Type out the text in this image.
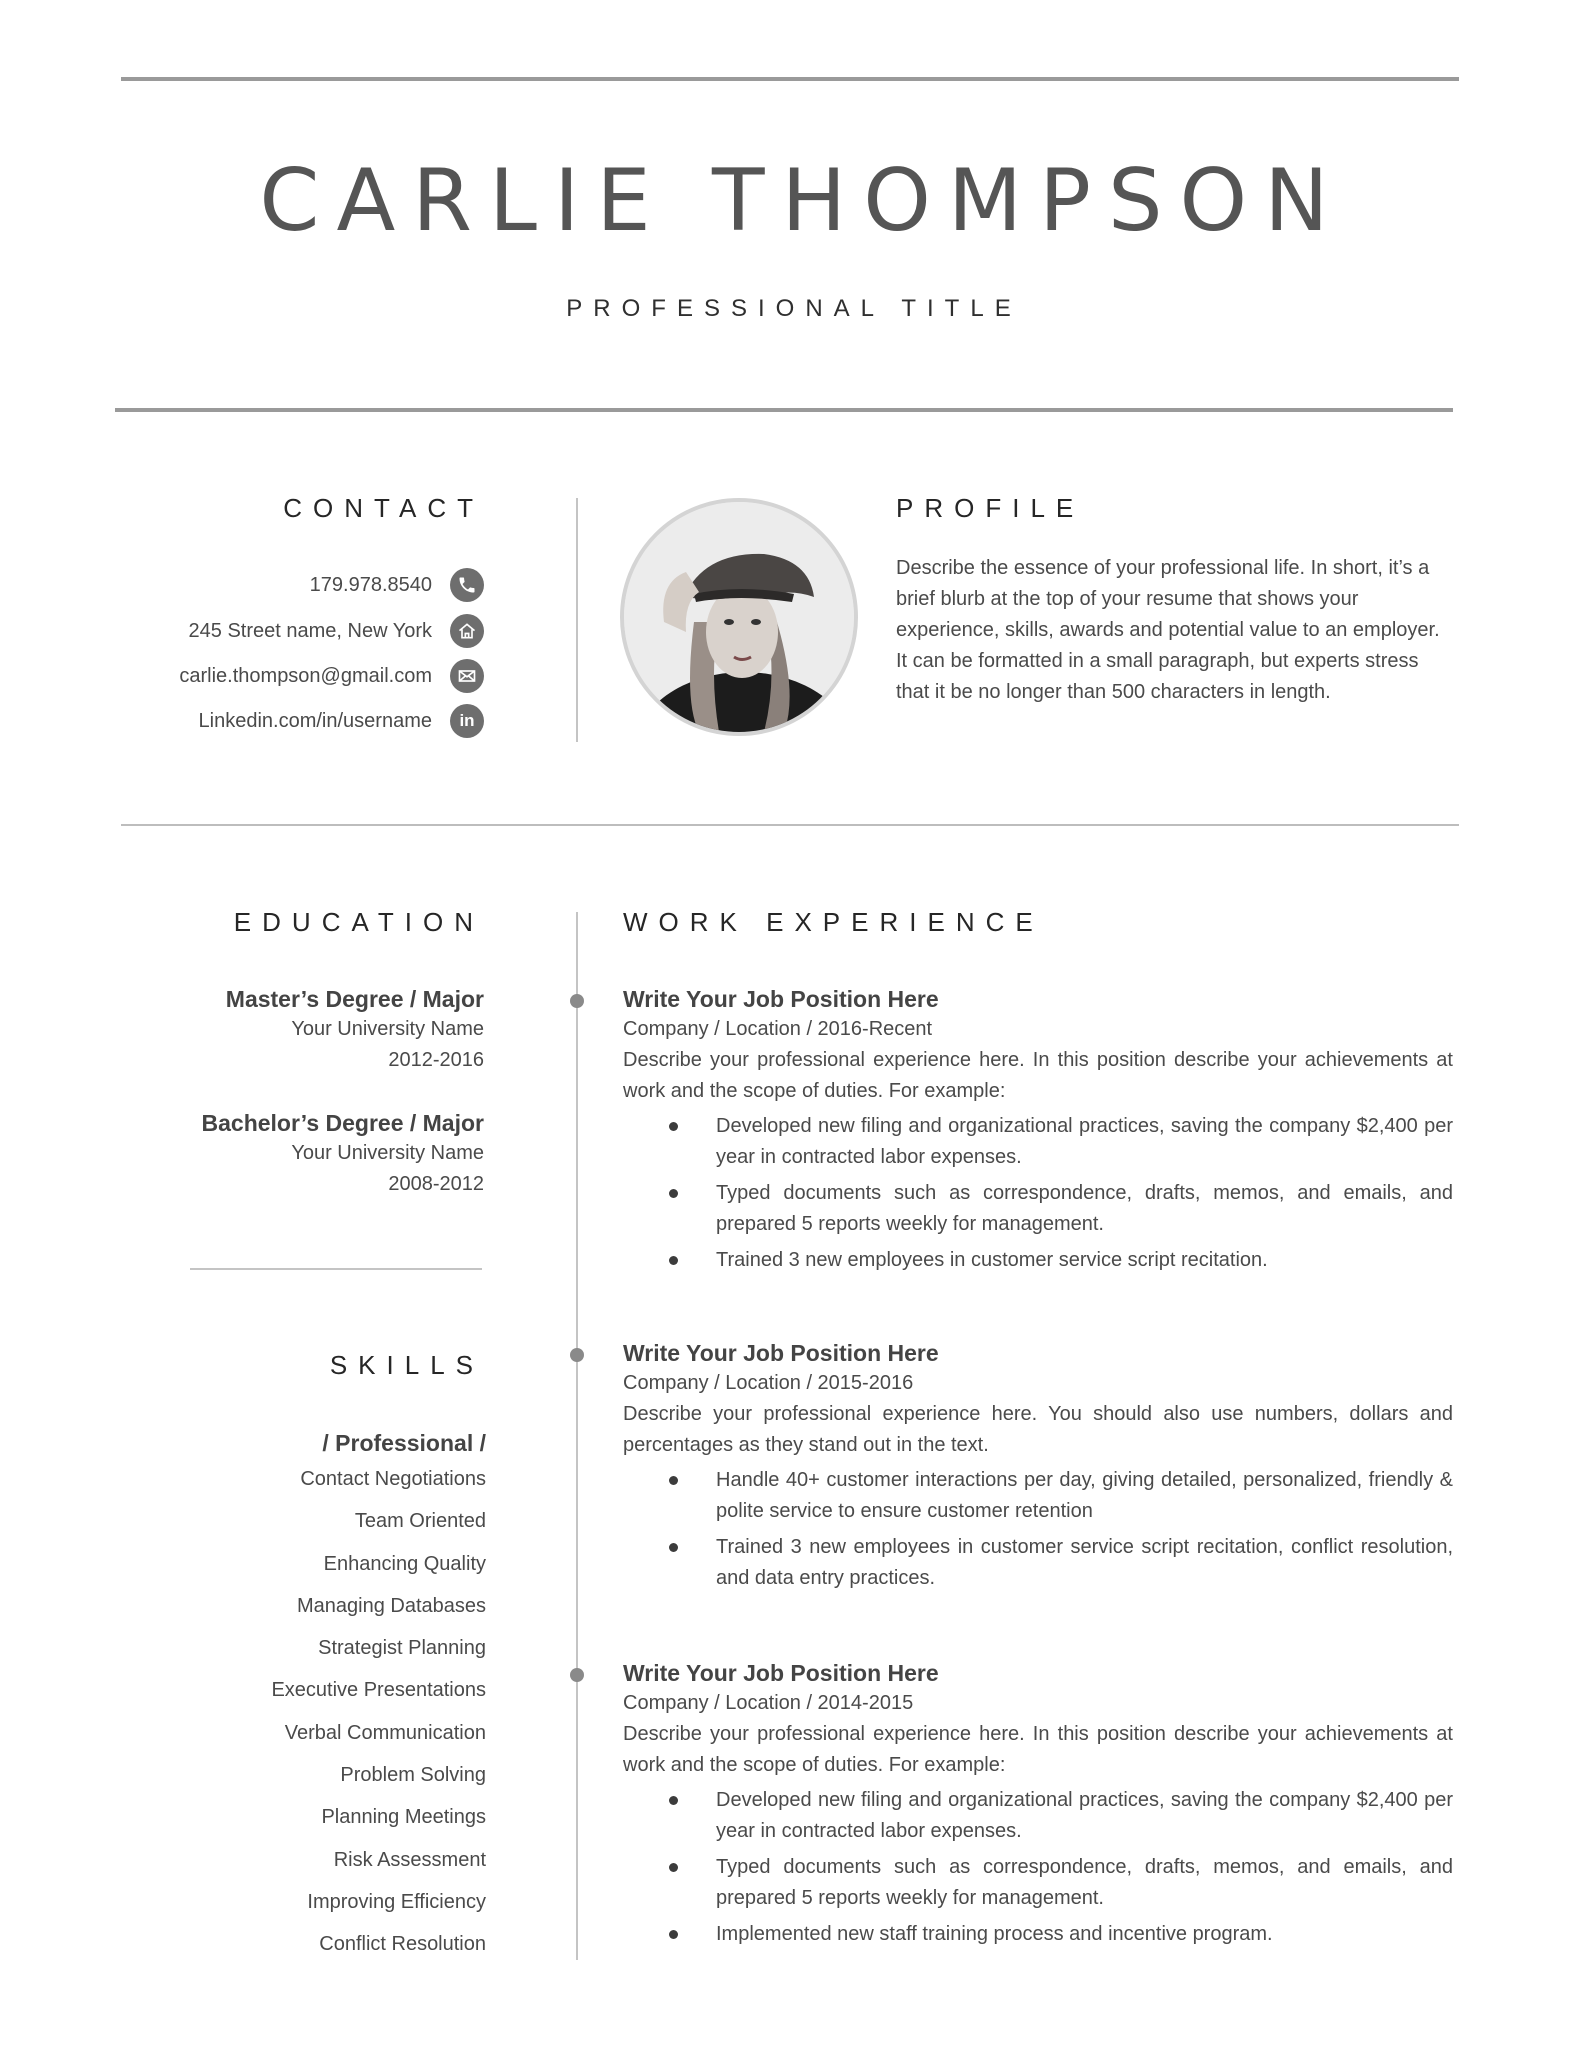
CARLIE THOMPSON
PROFESSIONAL TITLE
CONTACT
179.978.8540
245 Street name, New York
carlie.thompson@gmail.com
Linkedin.com/in/username	in
PROFILE
Describe the essence of your professional life. In short, it’s a brief blurb at the top of your resume that shows your experience, skills, awards and potential value to an employer. It can be formatted in a small paragraph, but experts stress that it be no longer than 500 characters in length.
EDUCATION
Master’s Degree / Major
Your University Name
2012-2016
Bachelor’s Degree / Major
Your University Name
2008-2012
SKILLS
/ Professional /
Contact Negotiations
Team Oriented
Enhancing Quality
Managing Databases
Strategist Planning
Executive Presentations
Verbal Communication
Problem Solving
Planning Meetings
Risk Assessment
Improving Efficiency
Conflict Resolution
WORK EXPERIENCE
Write Your Job Position Here
Company / Location / 2016-Recent
Describe your professional experience here. In this position describe your achievements at work and the scope of duties. For example:
Developed new filing and organizational practices, saving the company $2,400 per year in contracted labor expenses.
Typed documents such as correspondence, drafts, memos, and emails, and prepared 5 reports weekly for management.
Trained 3 new employees in customer service script recitation.
Write Your Job Position Here
Company / Location / 2015-2016
Describe your professional experience here. You should also use numbers, dollars and percentages as they stand out in the text.
Handle 40+ customer interactions per day, giving detailed, personalized, friendly & polite service to ensure customer retention
Trained 3 new employees in customer service script recitation, conflict resolution, and data entry practices.
Write Your Job Position Here
Company / Location / 2014-2015
Describe your professional experience here. In this position describe your achievements at work and the scope of duties. For example:
Developed new filing and organizational practices, saving the company $2,400 per year in contracted labor expenses.
Typed documents such as correspondence, drafts, memos, and emails, and prepared 5 reports weekly for management.
Implemented new staff training process and incentive program.
